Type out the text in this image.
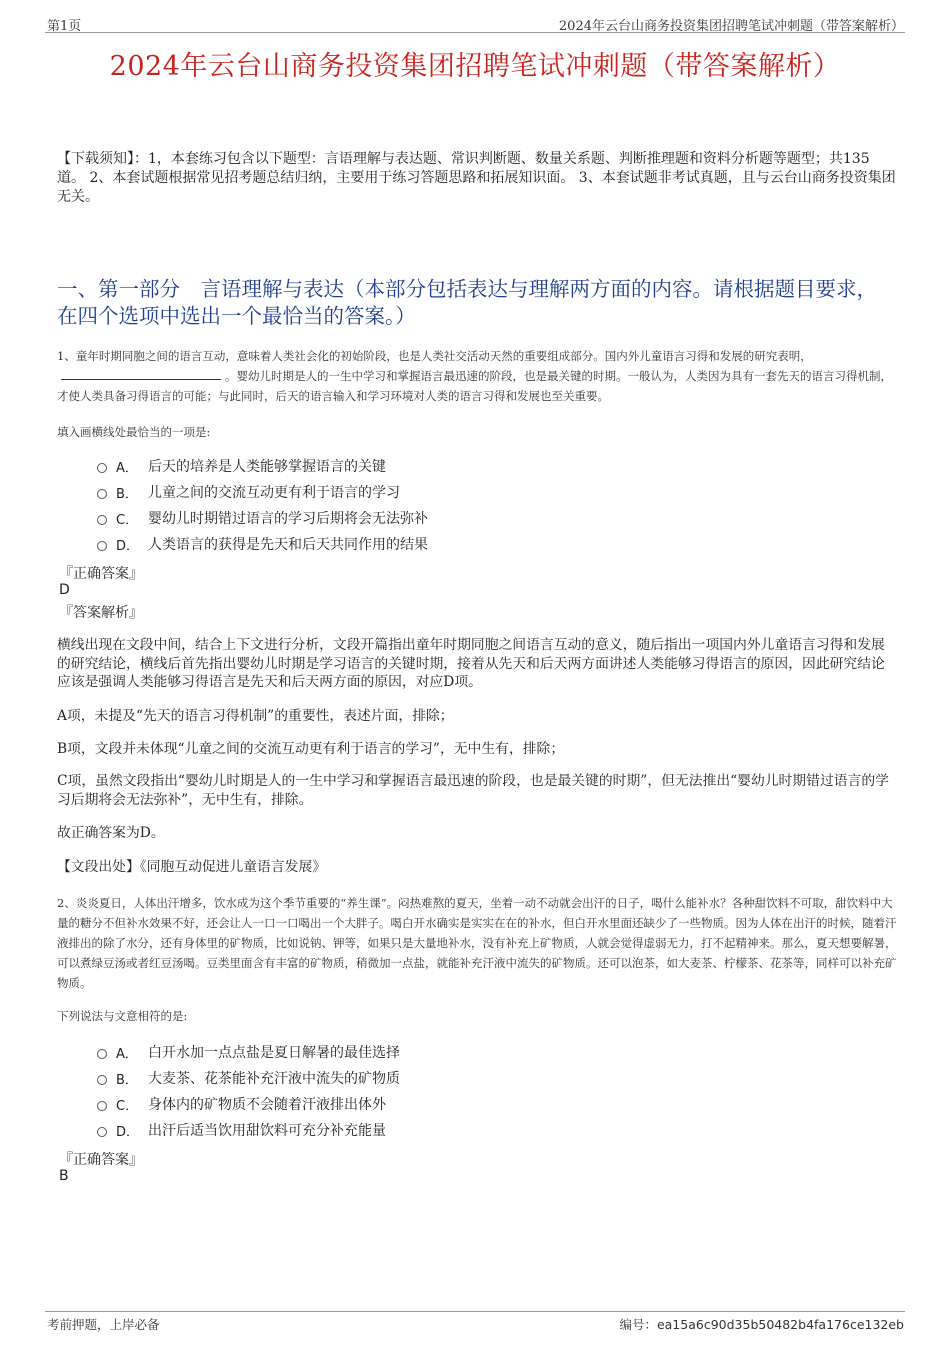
第1页	2024年云台山商务投资集团招聘笔试冲刺题（带答案解析）
2024年云台山商务投资集团招聘笔试冲刺题（带答案解析）
【下载须知】：1，本套练习包含以下题型：言语理解与表达题、常识判断题、数量关系题、判断推理题和资料分析题等题型；共135道。 2、本套试题根据常见招考题总结归纳，主要用于练习答题思路和拓展知识面。 3、本套试题非考试真题，且与云台山商务投资集团无关。
一、第一部分　言语理解与表达（本部分包括表达与理解两方面的内容。请根据题目要求，在四个选项中选出一个最恰当的答案。）
1、童年时期同胞之间的语言互动，意味着人类社会化的初始阶段，也是人类社交活动天然的重要组成部分。国内外儿童语言习得和发展的研究表明，。婴幼儿时期是人的一生中学习和掌握语言最迅速的阶段，也是最关键的时期。一般认为，人类因为具有一套先天的语言习得机制，才使人类具备习得语言的可能；与此同时，后天的语言输入和学习环境对人类的语言习得和发展也至关重要。
填入画横线处最恰当的一项是:
A． 后天的培养是人类能够掌握语言的关键
B． 儿童之间的交流互动更有利于语言的学习
C． 婴幼儿时期错过语言的学习后期将会无法弥补
D． 人类语言的获得是先天和后天共同作用的结果
『正确答案』
D
『答案解析』
横线出现在文段中间，结合上下文进行分析，文段开篇指出童年时期同胞之间语言互动的意义，随后指出一项国内外儿童语言习得和发展的研究结论，横线后首先指出婴幼儿时期是学习语言的关键时期，接着从先天和后天两方面讲述人类能够习得语言的原因，因此研究结论应该是强调人类能够习得语言是先天和后天两方面的原因，对应D项。
A项，未提及“先天的语言习得机制”的重要性，表述片面，排除；
B项，文段并未体现“儿童之间的交流互动更有利于语言的学习”，无中生有，排除；
C项，虽然文段指出“婴幼儿时期是人的一生中学习和掌握语言最迅速的阶段，也是最关键的时期”，但无法推出“婴幼儿时期错过语言的学习后期将会无法弥补”，无中生有，排除。
故正确答案为D。
【文段出处】《同胞互动促进儿童语言发展》
2、炎炎夏日，人体出汗增多，饮水成为这个季节重要的“养生课”。闷热难熬的夏天，坐着一动不动就会出汗的日子，喝什么能补水？各种甜饮料不可取，甜饮料中大量的糖分不但补水效果不好，还会让人一口一口喝出一个大胖子。喝白开水确实是实实在在的补水，但白开水里面还缺少了一些物质。因为人体在出汗的时候，随着汗液排出的除了水分，还有身体里的矿物质，比如说钠、钾等，如果只是大量地补水，没有补充上矿物质，人就会觉得虚弱无力，打不起精神来。那么，夏天想要解暑，可以煮绿豆汤或者红豆汤喝。豆类里面含有丰富的矿物质，稍微加一点盐，就能补充汗液中流失的矿物质。还可以泡茶，如大麦茶、柠檬茶、花茶等，同样可以补充矿物质。
下列说法与文意相符的是:
A． 白开水加一点点盐是夏日解暑的最佳选择
B． 大麦茶、花茶能补充汗液中流失的矿物质
C． 身体内的矿物质不会随着汗液排出体外
D． 出汗后适当饮用甜饮料可充分补充能量
『正确答案』
B
考前押题，上岸必备	编号：ea15a6c90d35b50482b4fa176ce132eb
